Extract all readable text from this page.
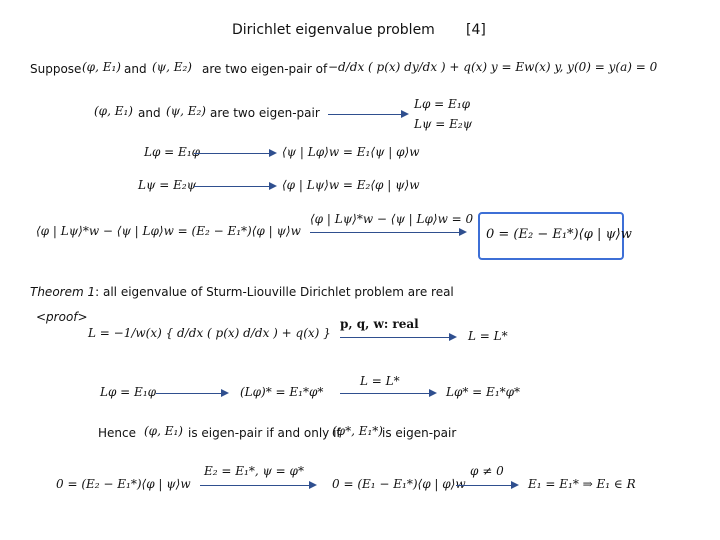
Dirichlet eigenvalue problem [4]
Suppose (φ, E₁) and (ψ, E₂) are two eigen-pair of −d/dx ( p(x) dy/dx ) + q(x) y = Ew(x) y, y(0) = y(a) = 0
(φ, E₁) and (ψ, E₂) are two eigen-pair
Lφ = E₁φ
Lψ = E₂ψ
Lφ = E₁φ	⟨ψ | Lφ⟩w = E₁⟨ψ | φ⟩w
Lψ = E₂ψ	⟨φ | Lψ⟩w = E₂⟨φ | ψ⟩w
⟨φ | Lψ⟩*w − ⟨ψ | Lφ⟩w = (E₂ − E₁*)⟨φ | ψ⟩w
⟨φ | Lψ⟩*w − ⟨ψ | Lφ⟩w = 0
0 = (E₂ − E₁*)⟨φ | ψ⟩w
Theorem 1: all eigenvalue of Sturm-Liouville Dirichlet problem are real
<proof>
L = −1/w(x) { d/dx ( p(x) d/dx ) + q(x) }
p, q, w: real
L = L*
Lφ = E₁φ	(Lφ)* = E₁*φ*
L = L*
Lφ* = E₁*φ*
Hence (φ, E₁) is eigen-pair if and only if
(φ*, E₁*) is eigen-pair
E₂ = E₁*, ψ = φ*
0 = (E₂ − E₁*)⟨φ | ψ⟩w	0 = (E₁ − E₁*)⟨φ | φ⟩w
φ ≠ 0
E₁ = E₁* ⇒ E₁ ∈ R
